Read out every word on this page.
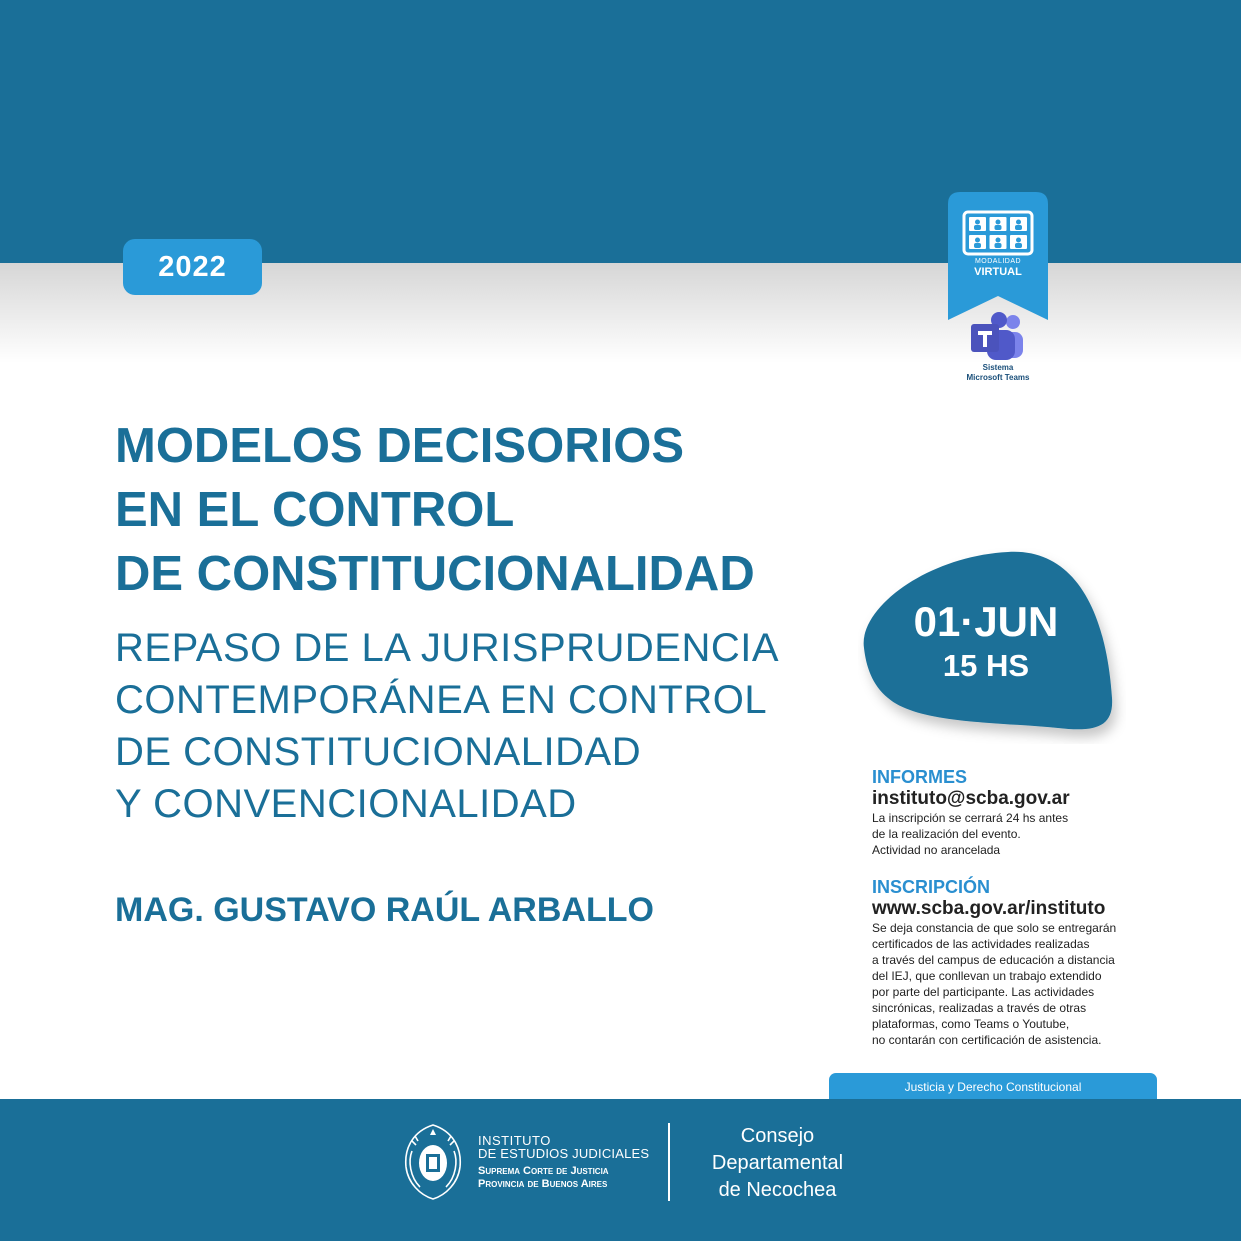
2022	MODALIDAD
VIRTUAL
Sistema
Microsoft Teams
MODELOS DECISORIOS
EN EL CONTROL
DE CONSTITUCIONALIDAD
REPASO DE LA JURISPRUDENCIA
CONTEMPORÁNEA EN CONTROL
DE CONSTITUCIONALIDAD
Y CONVENCIONALIDAD
MAG. GUSTAVO RAÚL ARBALLO
01·JUN
15 HS
INFORMES
instituto@scba.gov.ar
La inscripción se cerrará 24 hs antes
de la realización del evento.
Actividad no arancelada
INSCRIPCIÓN
www.scba.gov.ar/instituto
Se deja constancia de que solo se entregarán
certificados de las actividades realizadas
a través del campus de educación a distancia
del IEJ, que conllevan un trabajo extendido
por parte del participante. Las actividades
sincrónicas, realizadas a través de otras
plataformas, como Teams o Youtube,
no contarán con certificación de asistencia.
Justicia y Derecho Constitucional
INSTITUTO
DE ESTUDIOS JUDICIALES
Suprema Corte de Justicia
Provincia de Buenos Aires
Consejo
Departamental
de Necochea
